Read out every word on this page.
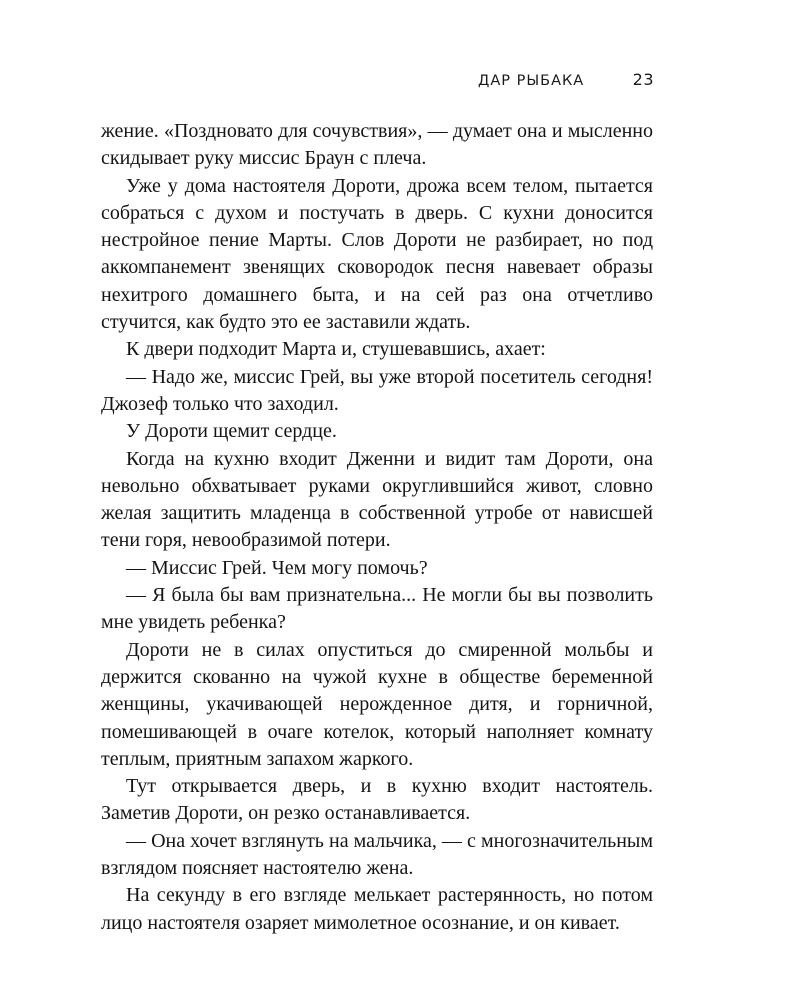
ДАР РЫБАКА	23

жение. «Поздновато для сочувствия», — думает она и мысленно скидывает руку миссис Браун с плеча.

Уже у дома настоятеля Дороти, дрожа всем телом, пытается собраться с духом и постучать в дверь. С кухни доносится нестройное пение Марты. Слов Дороти не разбирает, но под аккомпанемент звенящих сковородок песня навевает образы нехитрого домашнего быта, и на сей раз она отчетливо стучится, как будто это ее заставили ждать.

К двери подходит Марта и, стушевавшись, ахает:

— Надо же, миссис Грей, вы уже второй посетитель сегодня! Джозеф только что заходил.

У Дороти щемит сердце.

Когда на кухню входит Дженни и видит там Дороти, она невольно обхватывает руками округлившийся живот, словно желая защитить младенца в собственной утробе от нависшей тени горя, невообразимой потери.

— Миссис Грей. Чем могу помочь?

— Я была бы вам признательна... Не могли бы вы позволить мне увидеть ребенка?

Дороти не в силах опуститься до смиренной мольбы и держится скованно на чужой кухне в обществе беременной женщины, укачивающей нерожденное дитя, и горничной, помешивающей в очаге котелок, который наполняет комнату теплым, приятным запахом жаркого.

Тут открывается дверь, и в кухню входит настоятель. Заметив Дороти, он резко останавливается.

— Она хочет взглянуть на мальчика, — с многозначительным взглядом поясняет настоятелю жена.

На секунду в его взгляде мелькает растерянность, но потом лицо настоятеля озаряет мимолетное осознание, и он кивает.
